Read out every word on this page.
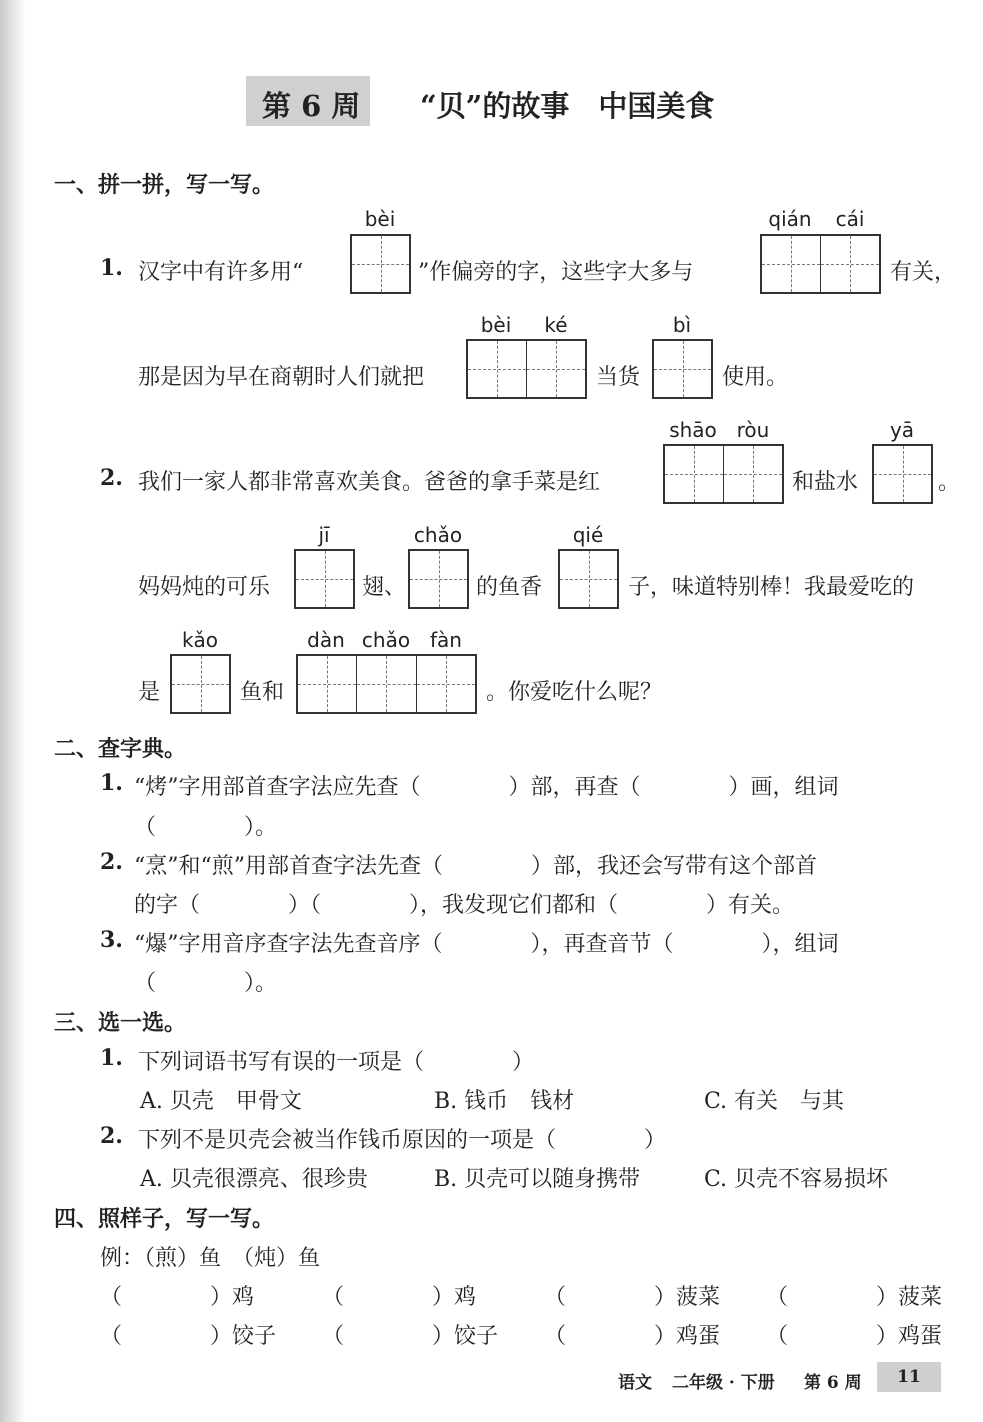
第 6 周 “贝”的故事　中国美食
一、拼一拼，写一写。
1. 汉字中有许多用“
bèi
”作偏旁的字，这些字大多与
qián	cái
有关，
那是因为早在商朝时人们就把
bèi	ké
当货
bì
使用。
2. 我们一家人都非常喜欢美食。爸爸的拿手菜是红
shāo ròu
和盐水
yā
。
妈妈炖的可乐
jī
翅、
chǎo
的鱼香
qié
子，味道特别棒！我最爱吃的
是
kǎo
鱼和
dàn chǎo fàn
。你爱吃什么呢？
二、查字典。
1. “烤”字用部首查字法应先查（　　　　）部，再查（　　　　）画，组词
（　　　　）。
2. “烹”和“煎”用部首查字法先查（　　　　）部，我还会写带有这个部首
的字（　　　　）（　　　　），我发现它们都和（　　　　）有关。
3. “爆”字用音序查字法先查音序（　　　　），再查音节（　　　　），组词
（　　　　）。
三、选一选。
1. 下列词语书写有误的一项是（　　　　）
A. 贝壳　甲骨文	B. 钱币　钱材	C. 有关　与其
2. 下列不是贝壳会被当作钱币原因的一项是（　　　　）
A. 贝壳很漂亮、很珍贵	B. 贝壳可以随身携带	C. 贝壳不容易损坏
四、照样子，写一写。
例：（煎）鱼　（炖）鱼
（　　　　）鸡	（　　　　）鸡	（　　　　）菠菜 （　　　　）菠菜
（　　　　）饺子 （　　　　）饺子 （　　　　）鸡蛋 （　　　　）鸡蛋
语文 二年级 · 下册 第 6 周	11
